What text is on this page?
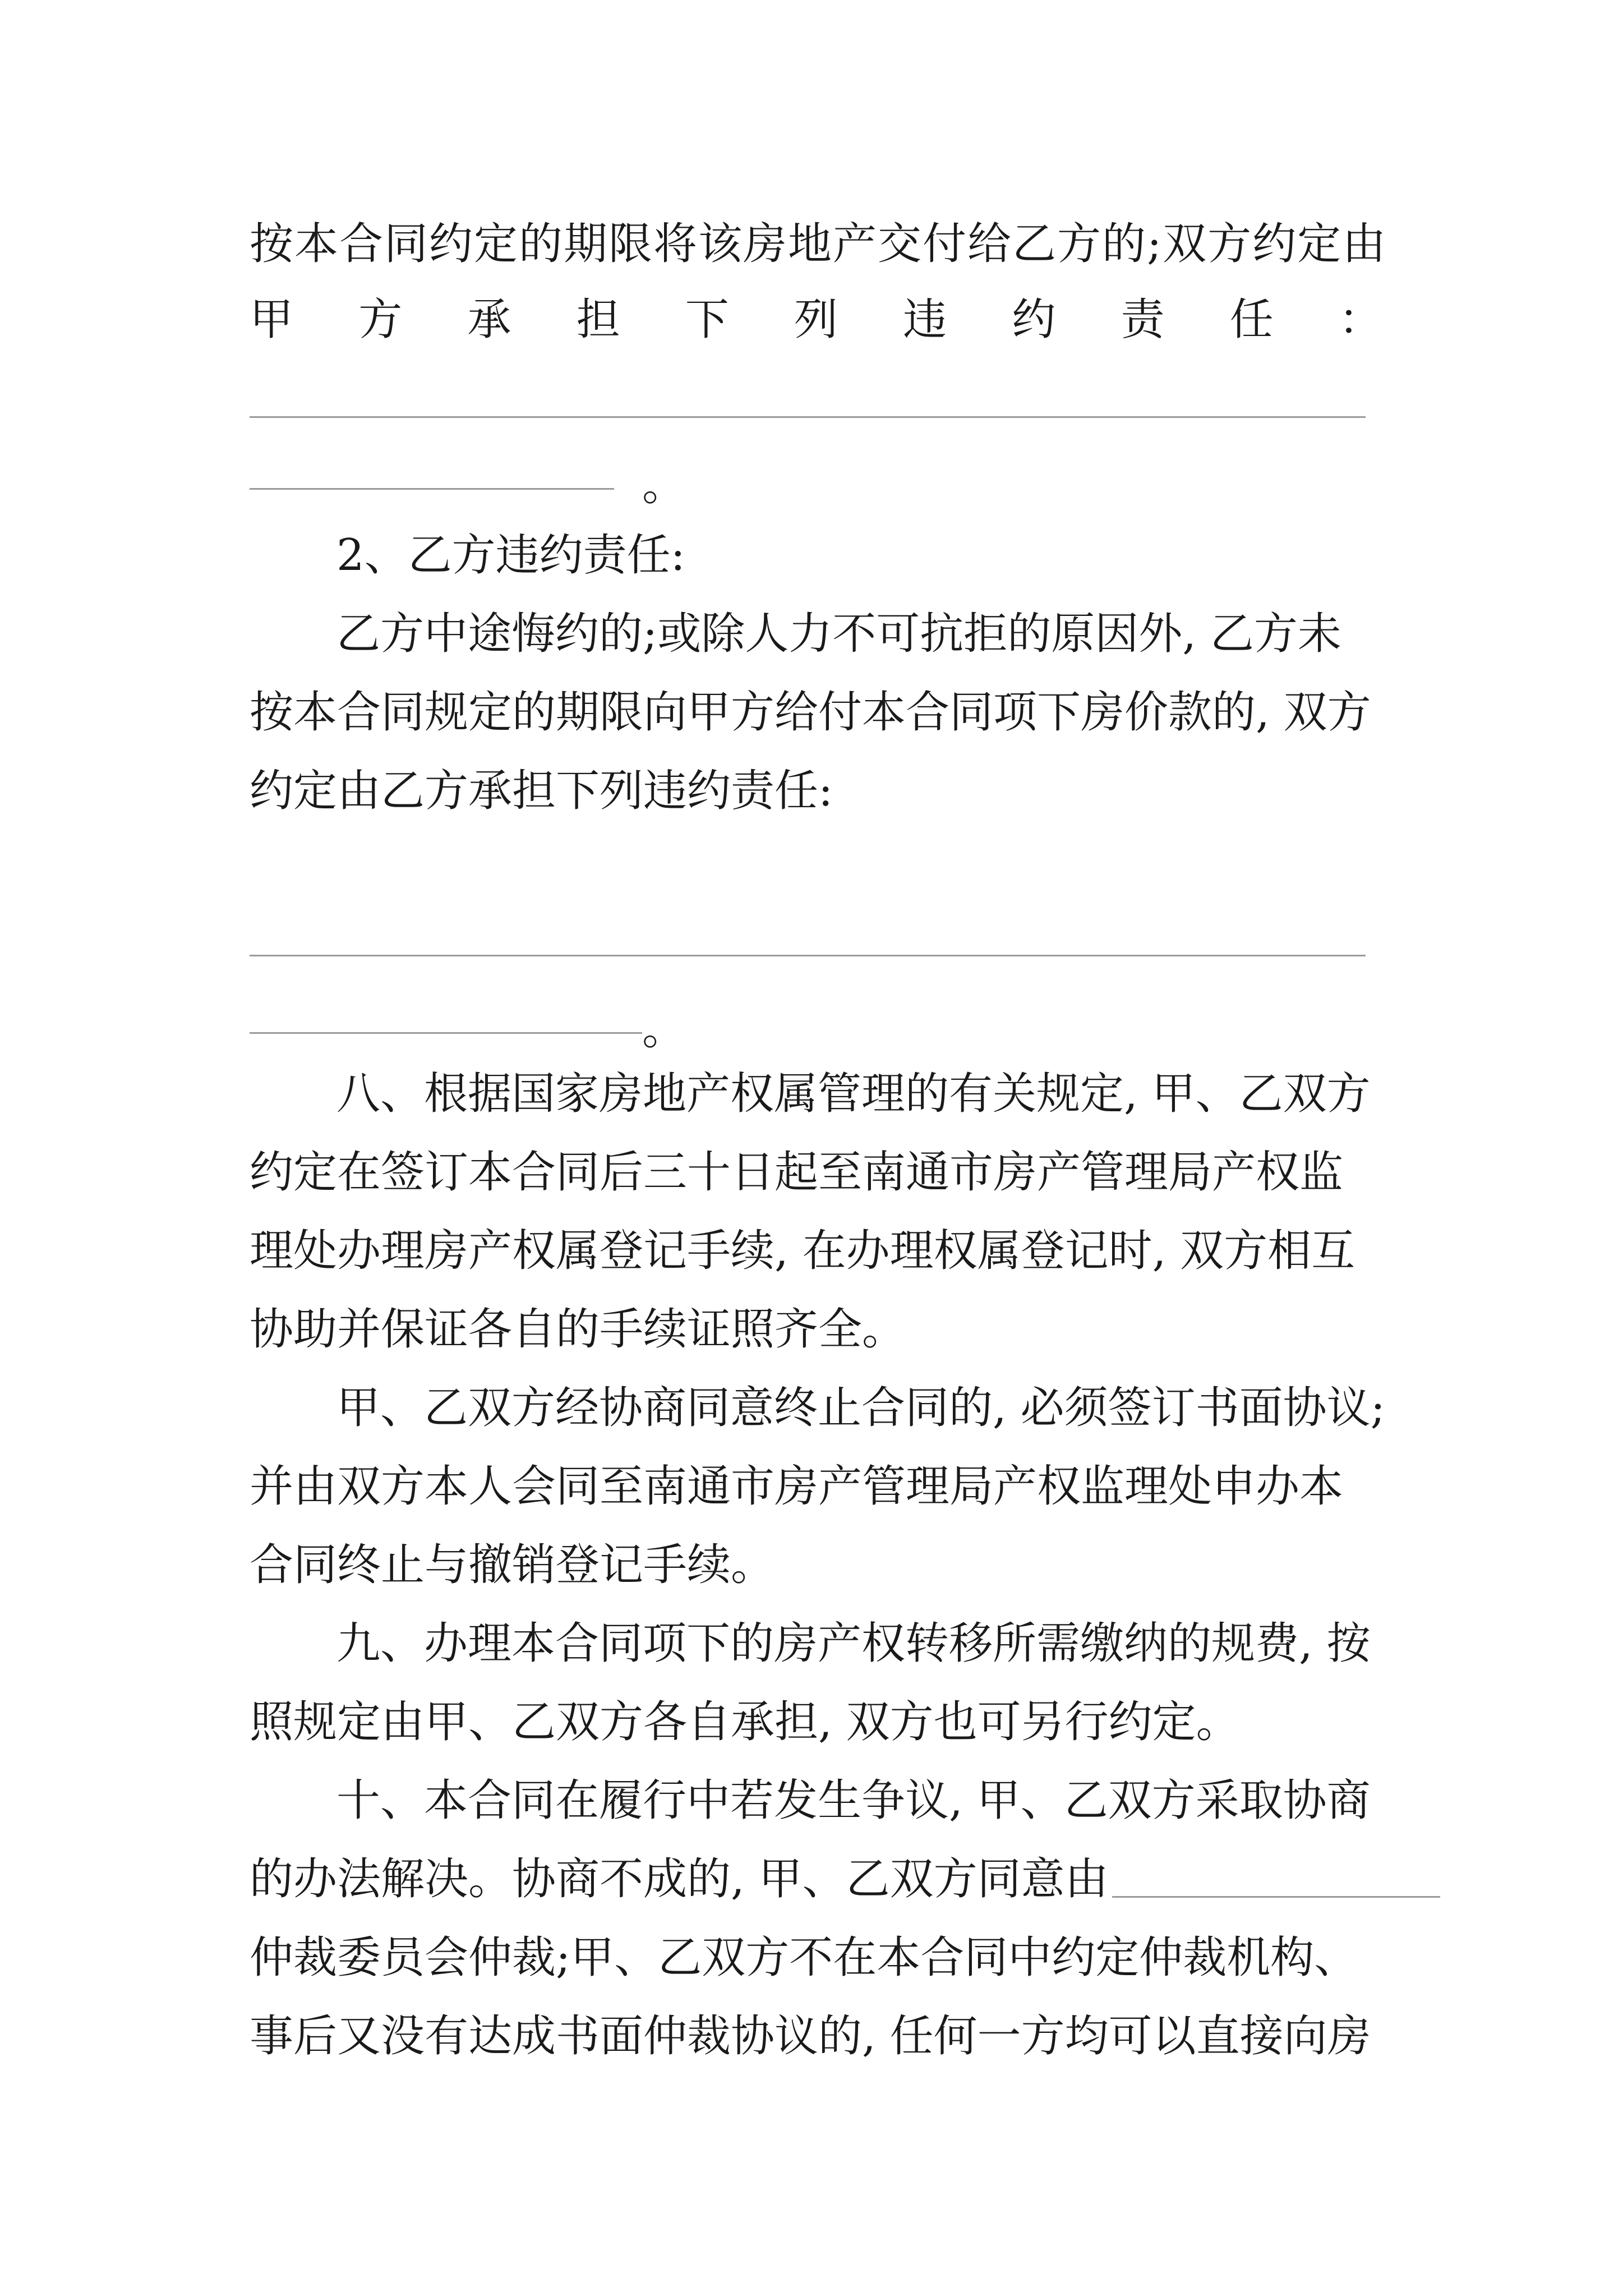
按本合同约定的期限将该房地产交付给乙方的;双方约定由
甲 方 承 担 下 列 违 约 责 任 ：
。
2、乙方违约责任:
乙方中途悔约的;或除人力不可抗拒的原因外, 乙方未
按本合同规定的期限向甲方给付本合同项下房价款的, 双方
约定由乙方承担下列违约责任:
。
八、根据国家房地产权属管理的有关规定, 甲、乙双方
约定在签订本合同后三十日起至南通市房产管理局产权监
理处办理房产权属登记手续, 在办理权属登记时, 双方相互
协助并保证各自的手续证照齐全。
甲、乙双方经协商同意终止合同的, 必须签订书面协议;
并由双方本人会同至南通市房产管理局产权监理处申办本
合同终止与撤销登记手续。
九、办理本合同项下的房产权转移所需缴纳的规费, 按
照规定由甲、乙双方各自承担, 双方也可另行约定。
十、本合同在履行中若发生争议, 甲、乙双方采取协商
的办法解决。协商不成的, 甲、乙双方同意由
仲裁委员会仲裁;甲、乙双方不在本合同中约定仲裁机构、
事后又没有达成书面仲裁协议的, 任何一方均可以直接向房
